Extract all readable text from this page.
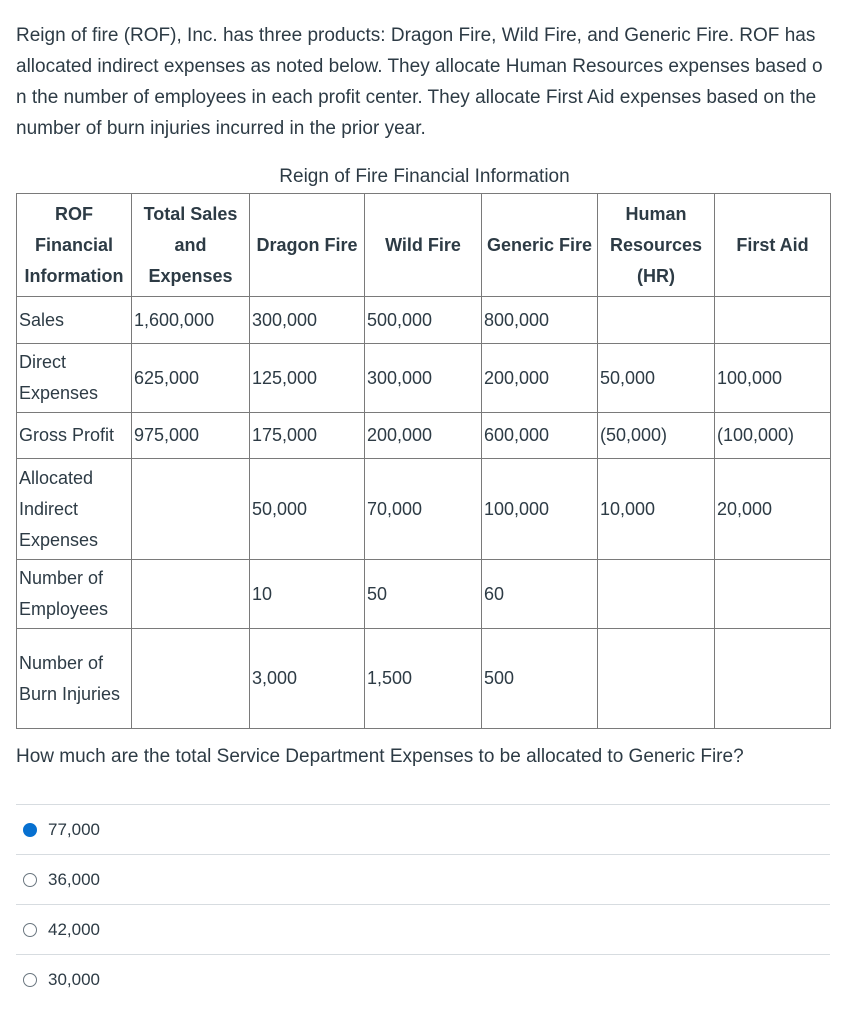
Reign of fire (ROF), Inc. has three products: Dragon Fire, Wild Fire, and Generic Fire. ROF has allocated indirect expenses as noted below. They allocate Human Resources expenses based on the number of employees in each profit center. They allocate First Aid expenses based on the number of burn injuries incurred in the prior year.

Reign of Fire Financial Information
ROF Financial Information	Total Sales and Expenses	Dragon Fire	Wild Fire	Generic Fire	Human Resources (HR)	First Aid
Sales	1,600,000	300,000	500,000	800,000		
Direct Expenses	625,000	125,000	300,000	200,000	50,000	100,000
Gross Profit	975,000	175,000	200,000	600,000	(50,000)	(100,000)
Allocated Indirect Expenses		50,000	70,000	100,000	10,000	20,000
Number of Employees		10	50	60		
Number of Burn Injuries		3,000	1,500	500		
How much are the total Service Department Expenses to be allocated to Generic Fire?
77,000
36,000
42,000
30,000
